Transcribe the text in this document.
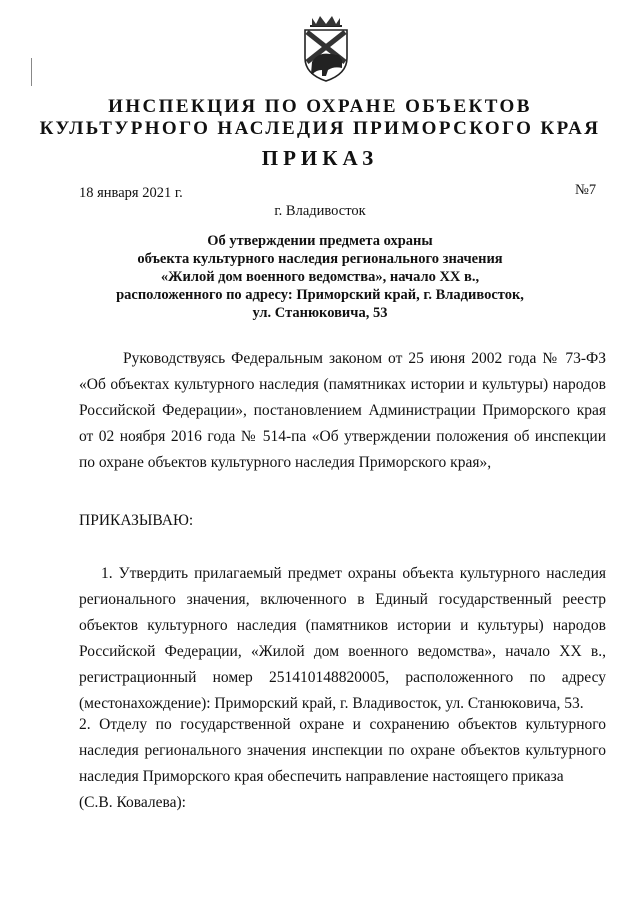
ИНСПЕКЦИЯ ПО ОХРАНЕ ОБЪЕКТОВ
КУЛЬТУРНОГО НАСЛЕДИЯ ПРИМОРСКОГО КРАЯ
ПРИКАЗ
18 января 2021 г.	№7
г. Владивосток
Об утверждении предмета охраны
объекта культурного наследия регионального значения
«Жилой дом военного ведомства», начало XX в.,
расположенного по адресу: Приморский край, г. Владивосток,
ул. Станюковича, 53
Руководствуясь Федеральным законом от 25 июня 2002 года № 73-ФЗ «Об объектах культурного наследия (памятниках истории и культуры) народов Российской Федерации», постановлением Администрации Приморского края от 02 ноября 2016 года № 514-па «Об утверждении положения об инспекции по охране объектов культурного наследия Приморского края»,
ПРИКАЗЫВАЮ:
1. Утвердить прилагаемый предмет охраны объекта культурного наследия регионального значения, включенного в Единый государственный реестр объектов культурного наследия (памятников истории и культуры) народов Российской Федерации, «Жилой дом военного ведомства», начало XX в., регистрационный номер 251410148820005, расположенного по адресу (местонахождение): Приморский край, г. Владивосток, ул. Станюковича, 53.
2. Отделу по государственной охране и сохранению объектов культурного наследия регионального значения инспекции по охране объектов культурного наследия Приморского края обеспечить направление настоящего приказа
(С.В. Ковалева):
